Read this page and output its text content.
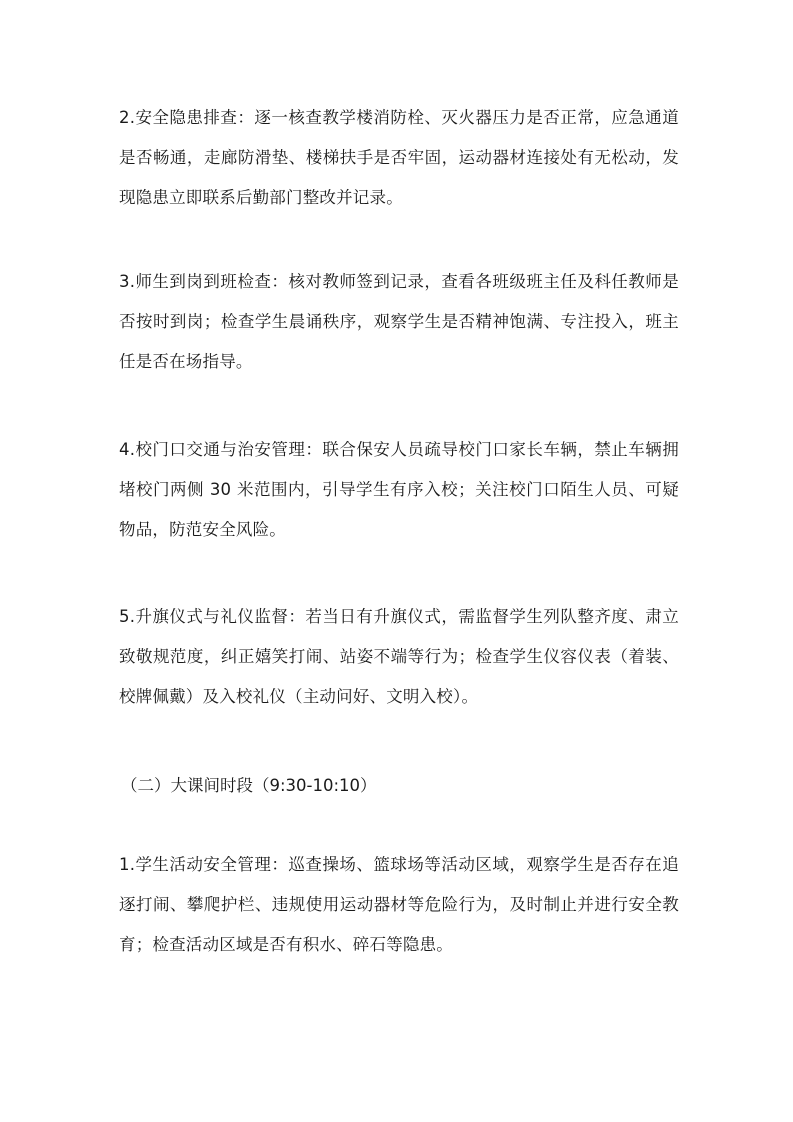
2.安全隐患排查：逐一核查教学楼消防栓、灭火器压力是否正常，应急通道是否畅通，走廊防滑垫、楼梯扶手是否牢固，运动器材连接处有无松动，发现隐患立即联系后勤部门整改并记录。

3.师生到岗到班检查：核对教师签到记录，查看各班级班主任及科任教师是否按时到岗；检查学生晨诵秩序，观察学生是否精神饱满、专注投入，班主任是否在场指导。

4.校门口交通与治安管理：联合保安人员疏导校门口家长车辆，禁止车辆拥堵校门两侧 30 米范围内，引导学生有序入校；关注校门口陌生人员、可疑物品，防范安全风险。

5.升旗仪式与礼仪监督：若当日有升旗仪式，需监督学生列队整齐度、肃立致敬规范度，纠正嬉笑打闹、站姿不端等行为；检查学生仪容仪表（着装、校牌佩戴）及入校礼仪（主动问好、文明入校）。

（二）大课间时段（9:30-10:10）

1.学生活动安全管理：巡查操场、篮球场等活动区域，观察学生是否存在追逐打闹、攀爬护栏、违规使用运动器材等危险行为，及时制止并进行安全教育；检查活动区域是否有积水、碎石等隐患。
